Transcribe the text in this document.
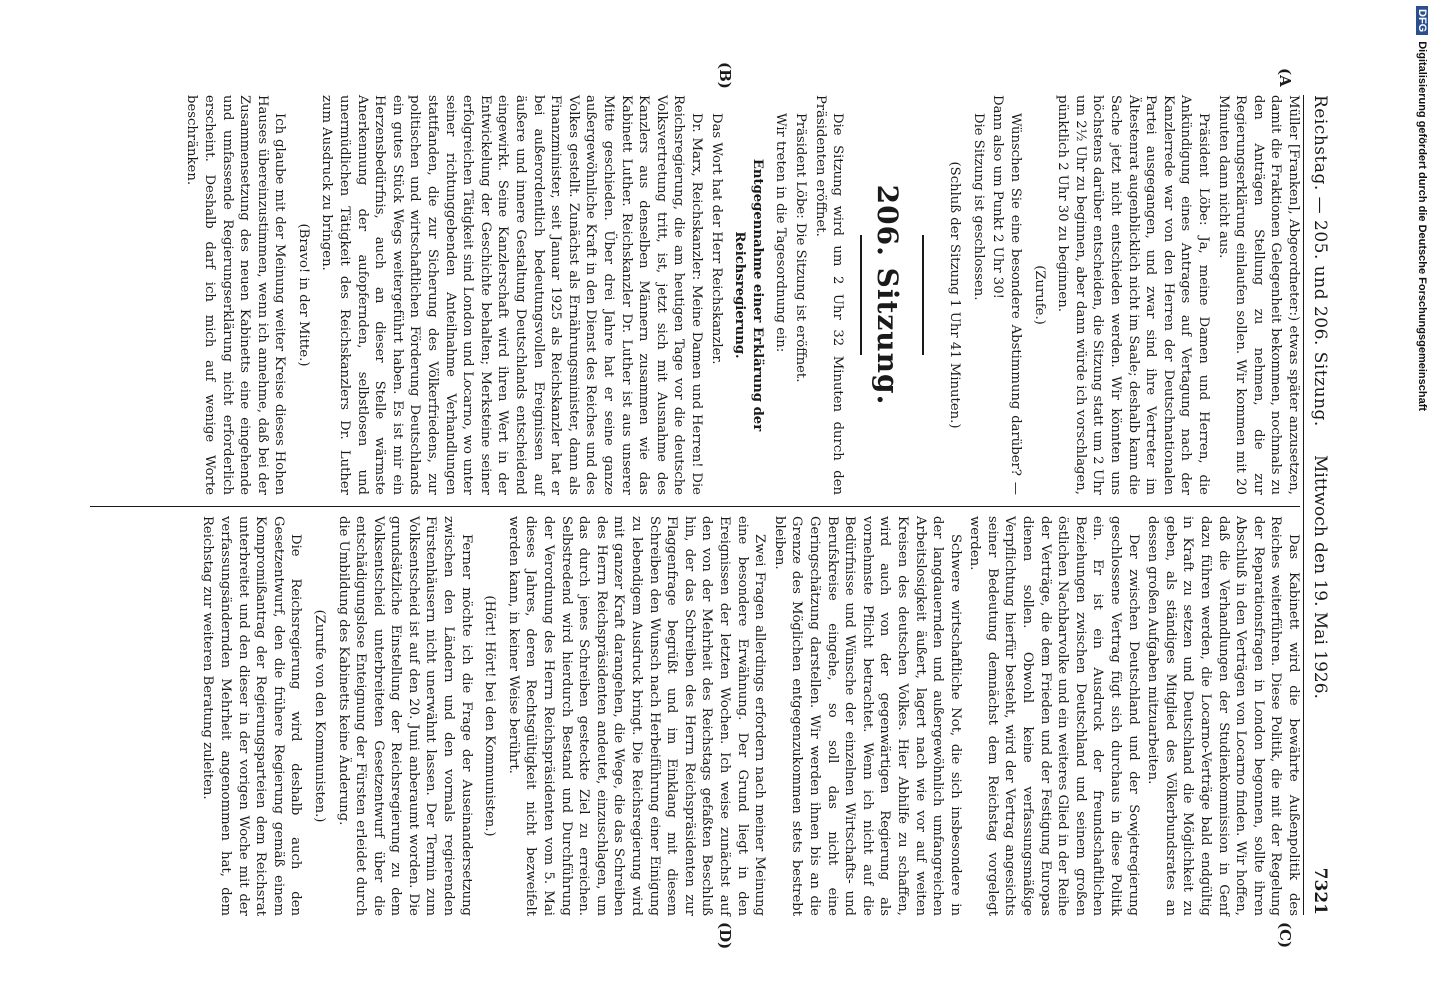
Reichstag. — 205. und 206. Sitzung.
Mittwoch den 19. Mai 1926.
7321
(A
(B)
(C)
(D)

Müller [Franken], Abgeordneter:) etwas später anzusetzen, damit die Fraktionen Gelegenheit bekommen, nochmals zu den Anträgen Stellung zu nehmen, die zur Regierungserklärung einlaufen sollen. Wir kommen mit 20 Minuten dann nicht aus.

Präsident Löbe: Ja, meine Damen und Herren, die Ankündigung eines Antrages auf Vertagung nach der Kanzlerrede war von den Herren der Deutschnationalen Partei ausgegangen, und zwar sind ihre Vertreter im Ältestenrat augenblicklich nicht im Saale; deshalb kann die Sache jetzt nicht entschieden werden. Wir könnten uns höchstens darüber entscheiden, die Sitzung statt um 2 Uhr um 2½ Uhr zu beginnen, aber dann würde ich vorschlagen, pünktlich 2 Uhr 30 zu beginnen.

(Zurufe.)

Wünschen Sie eine besondere Abstimmung darüber? — Dann also um Punkt 2 Uhr 30!

Die Sitzung ist geschlossen.

(Schluß der Sitzung 1 Uhr 41 Minuten.)

206. Sitzung.

Die Sitzung wird um 2 Uhr 32 Minuten durch den Präsidenten eröffnet.

Präsident Löbe: Die Sitzung ist eröffnet.

Wir treten in die Tagesordnung ein:

Entgegennahme einer Erklärung der Reichsregierung.

Das Wort hat der Herr Reichskanzler.

Dr. Marx, Reichskanzler: Meine Damen und Herren! Die Reichsregierung, die am heutigen Tage vor die deutsche Volksvertretung tritt, ist, jetzt sich mit Ausnahme des Kanzlers aus denselben Männern zusammen wie das Kabinett Luther. Reichskanzler Dr. Luther ist aus unserer Mitte geschieden. Über drei Jahre hat er seine ganze außergewöhnliche Kraft in den Dienst des Reiches und des Volkes gestellt. Zunächst als Ernährungsminister, dann als Finanzminister, seit Januar 1925 als Reichskanzler hat er bei außerordentlich bedeutungsvollen Ereignissen auf äußere und innere Gestaltung Deutschlands entscheidend eingewirkt. Seine Kanzlerschaft wird ihren Wert in der Entwickelung der Geschichte behalten; Merksteine seiner erfolgreichen Tätigkeit sind London und Locarno, wo unter seiner richtunggebenden Anteilnahme Verhandlungen stattfanden, die zur Sicherung des Völkerfriedens, zur politischen und wirtschaftlichen Förderung Deutschlands ein gutes Stück Wegs weitergeführt haben. Es ist mir ein Herzensbedürfnis, auch an dieser Stelle wärmste Anerkennung der aufopfernden, selbstlosen und unermüdlichen Tätigkeit des Reichskanzlers Dr. Luther zum Ausdruck zu bringen.

(Bravo! in der Mitte.)

Ich glaube mit der Meinung weiter Kreise dieses Hohen Hauses übereinzustimmen, wenn ich annehme, daß bei der Zusammensetzung des neuen Kabinetts eine eingehende und umfassende Regierungserklärung nicht erforderlich erscheint. Deshalb darf ich mich auf wenige Worte beschränken.

Das Kabinett wird die bewährte Außenpolitik des Reiches weiterführen. Diese Politik, die mit der Regelung der Reparationsfragen in London begonnen, sollte ihren Abschluß in den Verträgen von Locarno finden. Wir hoffen, daß die Verhandlungen der Studienkommission in Genf dazu führen werden, die Locarno-Verträge bald endgültig in Kraft zu setzen und Deutschland die Möglichkeit zu geben, als ständiges Mitglied des Völkerbundsrates an dessen großen Aufgaben mitzuarbeiten.

Der zwischen Deutschland und der Sowjetregierung geschlossene Vertrag fügt sich durchaus in diese Politik ein. Er ist ein Ausdruck der freundschaftlichen Beziehungen zwischen Deutschland und seinem großen östlichen Nachbarvolke und ein weiteres Glied in der Reihe der Verträge, die dem Frieden und der Festigung Europas dienen sollen. Obwohl keine verfassungsmäßige Verpflichtung hierfür besteht, wird der Vertrag angesichts seiner Bedeutung demnächst dem Reichstag vorgelegt werden.

Schwere wirtschaftliche Not, die sich insbesondere in der langdauernden und außergewöhnlich umfangreichen Arbeitslosigkeit äußert, lagert nach wie vor auf weiten Kreisen des deutschen Volkes. Hier Abhilfe zu schaffen, wird auch von der gegenwärtigen Regierung als vornehmste Pflicht betrachtet. Wenn ich nicht auf die Bedürfnisse und Wünsche der einzelnen Wirtschafts- und Berufskreise eingehe, so soll das nicht eine Geringschätzung darstellen. Wir werden ihnen bis an die Grenze des Möglichen entgegenzukommen stets bestrebt bleiben.

Zwei Fragen allerdings erfordern nach meiner Meinung eine besondere Erwähnung. Der Grund liegt in den Ereignissen der letzten Wochen. Ich weise zunächst auf den von der Mehrheit des Reichstags gefaßten Beschluß hin, der das Schreiben des Herrn Reichspräsidenten zur Flaggenfrage begrüßt und im Einklang mit diesem Schreiben den Wunsch nach Herbeiführung einer Einigung zu lebendigem Ausdruck bringt. Die Reichsregierung wird mit ganzer Kraft darangehen, die Wege, die das Schreiben des Herrn Reichspräsidenten andeutet, einzuschlagen, um das durch jenes Schreiben gesteckte Ziel zu erreichen. Selbstredend wird hierdurch Bestand und Durchführung der Verordnung des Herrn Reichspräsidenten vom 5. Mai dieses Jahres, deren Rechtsgültigkeit nicht bezweifelt werden kann, in keiner Weise berührt.

(Hört! Hört! bei den Kommunisten.)

Ferner möchte ich die Frage der Auseinandersetzung zwischen den Ländern und den vormals regierenden Fürstenhäusern nicht unerwähnt lassen. Der Termin zum Volksentscheid ist auf den 20. Juni anberaumt worden. Die grundsätzliche Einstellung der Reichsregierung zu dem Volksentscheid unterbreiteten Gesetzentwurf über die entschädigungslose Enteignung der Fürsten erleidet durch die Umbildung des Kabinetts keine Änderung.

(Zurufe von den Kommunisten.)

Die Reichsregierung wird deshalb auch den Gesetzentwurf, den die frühere Regierung gemäß einem Kompromißantrag der Regierungsparteien dem Reichsrat unterbreitet und den dieser in der vorigen Woche mit der verfassungsändernden Mehrheit angenommen hat, dem Reichstag zur weiteren Beratung zuleiten.

DFGDigitalisierung gefördert durch die Deutsche Forschungsgemeinschaft
